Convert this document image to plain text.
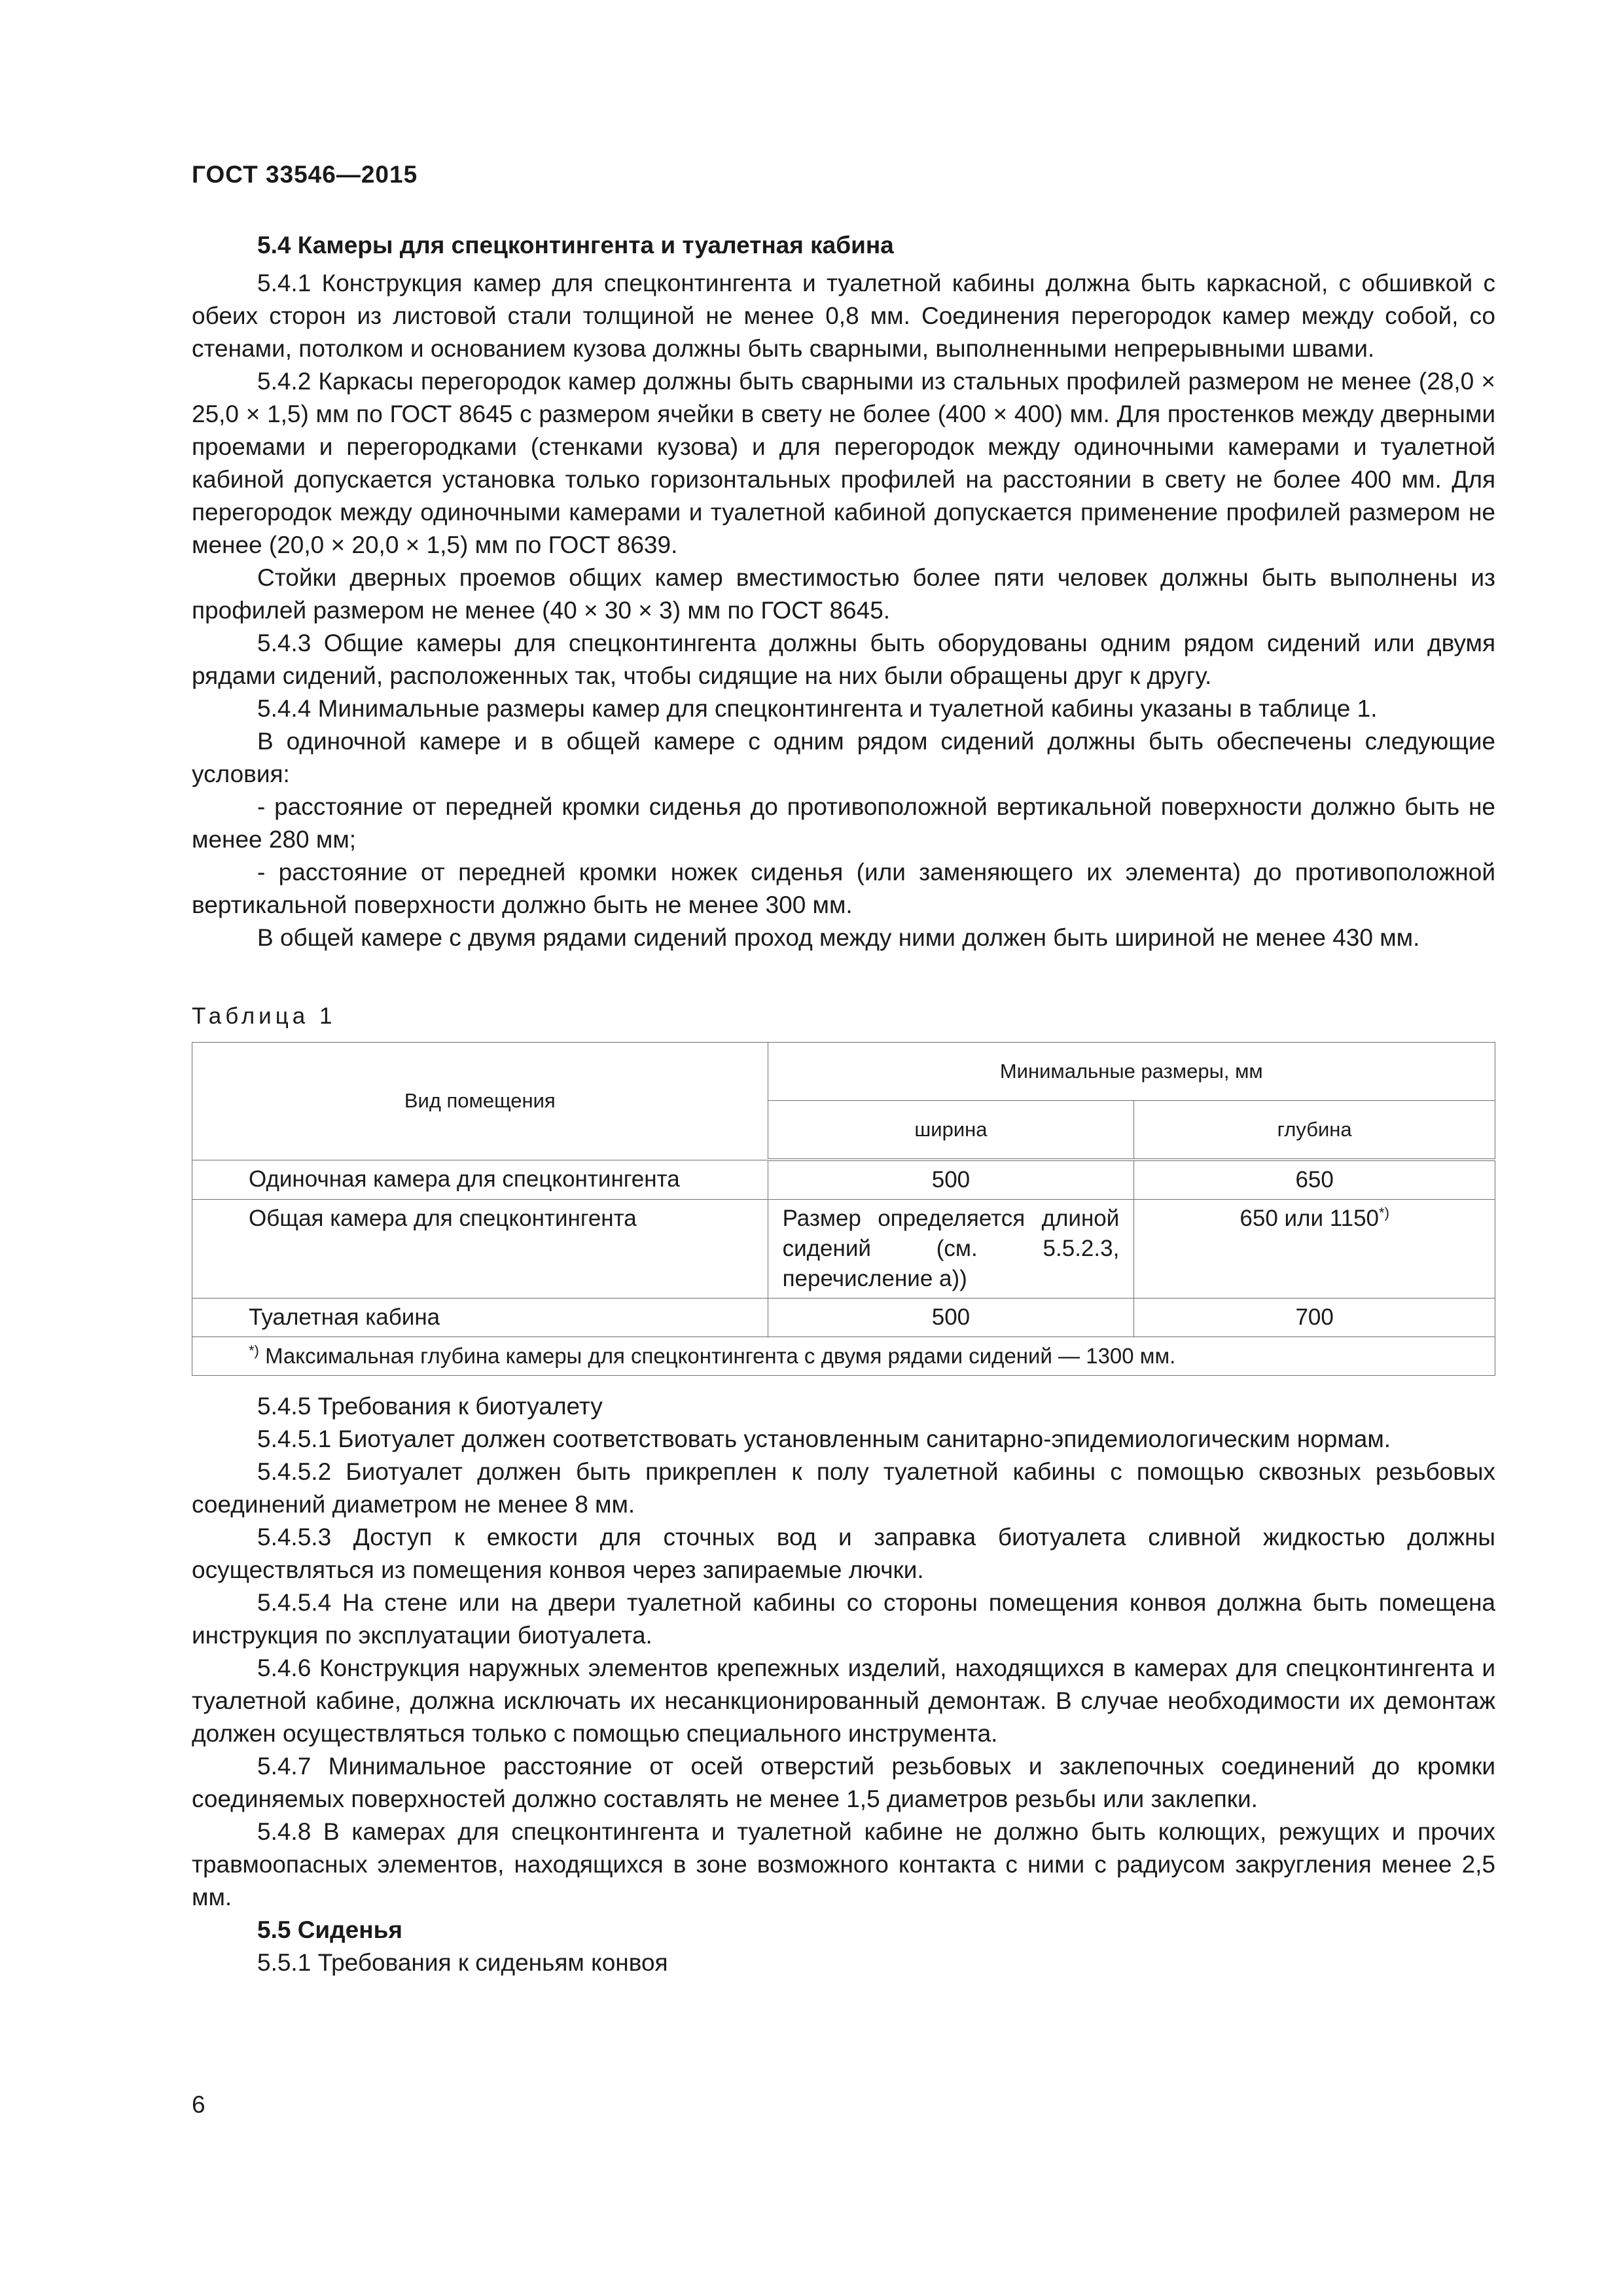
ГОСТ 33546—2015

5.4 Камеры для спецконтингента и туалетная кабина

5.4.1 Конструкция камер для спецконтингента и туалетной кабины должна быть каркасной, с обшивкой с обеих сторон из листовой стали толщиной не менее 0,8 мм. Соединения перегородок камер между собой, со стенами, потолком и основанием кузова должны быть сварными, выполненными непрерывными швами.

5.4.2 Каркасы перегородок камер должны быть сварными из стальных профилей размером не менее (28,0 × 25,0 × 1,5) мм по ГОСТ 8645 с размером ячейки в свету не более (400 × 400) мм. Для простенков между дверными проемами и перегородками (стенками кузова) и для перегородок между одиночными камерами и туалетной кабиной допускается установка только горизонтальных профилей на расстоянии в свету не более 400 мм. Для перегородок между одиночными камерами и туалетной кабиной допускается применение профилей размером не менее (20,0 × 20,0 × 1,5) мм по ГОСТ 8639.

Стойки дверных проемов общих камер вместимостью более пяти человек должны быть выполнены из профилей размером не менее (40 × 30 × 3) мм по ГОСТ 8645.

5.4.3 Общие камеры для спецконтингента должны быть оборудованы одним рядом сидений или двумя рядами сидений, расположенных так, чтобы сидящие на них были обращены друг к другу.

5.4.4 Минимальные размеры камер для спецконтингента и туалетной кабины указаны в таблице 1.

В одиночной камере и в общей камере с одним рядом сидений должны быть обеспечены следующие условия:

- расстояние от передней кромки сиденья до противоположной вертикальной поверхности должно быть не менее 280 мм;

- расстояние от передней кромки ножек сиденья (или заменяющего их элемента) до противоположной вертикальной поверхности должно быть не менее 300 мм.

В общей камере с двумя рядами сидений проход между ними должен быть шириной не менее 430 мм.

Таблица 1
Вид помещения	Минимальные размеры, мм	
	ширина	глубина
Одиночная камера для спецконтингента	500	650
Общая камера для спецконтингента	Размер определяется длиной сидений (см. 5.5.2.3, перечисление а))	650 или 1150*)
Туалетная кабина	500	700
*) Максимальная глубина камеры для спецконтингента с двумя рядами сидений — 1300 мм.		

5.4.5 Требования к биотуалету

5.4.5.1 Биотуалет должен соответствовать установленным санитарно-эпидемиологическим нормам.

5.4.5.2 Биотуалет должен быть прикреплен к полу туалетной кабины с помощью сквозных резьбовых соединений диаметром не менее 8 мм.

5.4.5.3 Доступ к емкости для сточных вод и заправка биотуалета сливной жидкостью должны осуществляться из помещения конвоя через запираемые лючки.

5.4.5.4 На стене или на двери туалетной кабины со стороны помещения конвоя должна быть помещена инструкция по эксплуатации биотуалета.

5.4.6 Конструкция наружных элементов крепежных изделий, находящихся в камерах для спецконтингента и туалетной кабине, должна исключать их несанкционированный демонтаж. В случае необходимости их демонтаж должен осуществляться только с помощью специального инструмента.

5.4.7 Минимальное расстояние от осей отверстий резьбовых и заклепочных соединений до кромки соединяемых поверхностей должно составлять не менее 1,5 диаметров резьбы или заклепки.

5.4.8 В камерах для спецконтингента и туалетной кабине не должно быть колющих, режущих и прочих травмоопасных элементов, находящихся в зоне возможного контакта с ними с радиусом закругления менее 2,5 мм.

5.5 Сиденья

5.5.1 Требования к сиденьям конвоя

6
